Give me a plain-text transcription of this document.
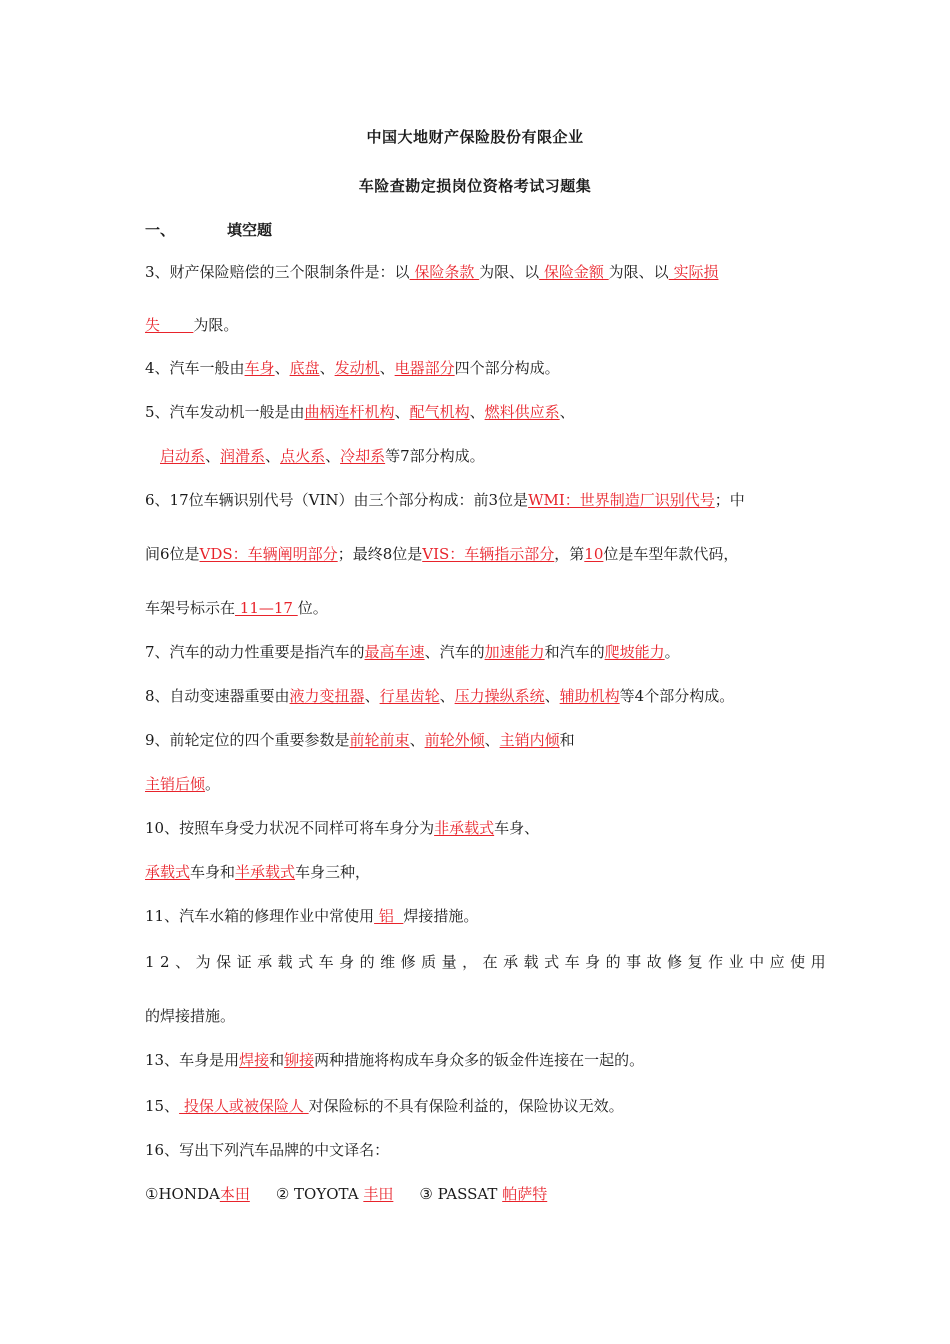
中国大地财产保险股份有限企业
车险查勘定损岗位资格考试习题集
一、	填空题
3、财产保险赔偿的三个限制条件是：以 保险条款 为限、以 保险金额 为限、以 实际损
失       为限。
4、汽车一般由车身、底盘、发动机、电器部分四个部分构成。
5、汽车发动机一般是由曲柄连杆机构、配气机构、燃料供应系、
启动系、润滑系、点火系、冷却系等7部分构成。
6、17位车辆识别代号（VIN）由三个部分构成：前3位是WMI：世界制造厂识别代号；中
间6位是VDS：车辆阐明部分；最终8位是VIS：车辆指示部分，第10位是车型年款代码，
车架号标示在 11—17 位。
7、汽车的动力性重要是指汽车的最高车速、汽车的加速能力和汽车的爬坡能力。
8、自动变速器重要由液力变扭器、行星齿轮、压力操纵系统、辅助机构等4个部分构成。
9、前轮定位的四个重要参数是前轮前束、前轮外倾、主销内倾和
主销后倾。
10、按照车身受力状况不同样可将车身分为非承载式车身、
承载式车身和半承载式车身三种，
11、汽车水箱的修理作业中常使用 铝  焊接措施。
12、为保证承载式车身的维修质量，在承载式车身的事故修复作业中应使用
的焊接措施。
13、车身是用焊接和铆接两种措施将构成车身众多的钣金件连接在一起的。
15、 投保人或被保险人 对保险标的不具有保险利益的，保险协议无效。
16、写出下列汽车品牌的中文译名：
①HONDA本田 ② TOYOTA 丰田 ③ PASSAT 帕萨特
